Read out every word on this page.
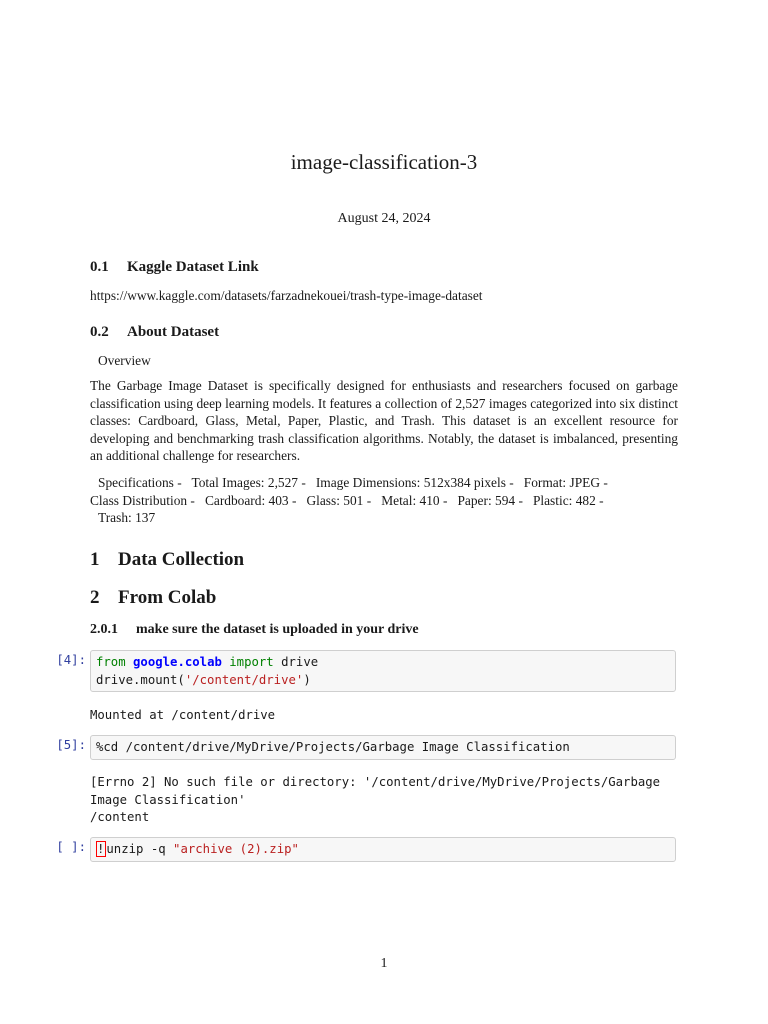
image-classification-3
August 24, 2024
0.1 Kaggle Dataset Link
https://www.kaggle.com/datasets/farzadnekouei/trash-type-image-dataset
0.2 About Dataset
Overview
The Garbage Image Dataset is specifically designed for enthusiasts and researchers focused on garbage classification using deep learning models. It features a collection of 2,527 images categorized into six distinct classes: Cardboard, Glass, Metal, Paper, Plastic, and Trash. This dataset is an excellent resource for developing and benchmarking trash classification algorithms. Notably, the dataset is imbalanced, presenting an additional challenge for researchers.
Specifications -   Total Images: 2,527 -   Image Dimensions: 512x384 pixels -   Format: JPEG -
Class Distribution -   Cardboard: 403 -   Glass: 501 -   Metal: 410 -   Paper: 594 -   Plastic: 482 -
Trash: 137
1 Data Collection
2 From Colab
2.0.1 make sure the dataset is uploaded in your drive
[4]: from google.colab import drive
drive.mount('/content/drive')
Mounted at /content/drive
[5]: %cd /content/drive/MyDrive/Projects/Garbage Image Classification
[Errno 2] No such file or directory: '/content/drive/MyDrive/Projects/Garbage
Image Classification'
/content
[ ]: ! unzip -q "archive (2).zip"
1
